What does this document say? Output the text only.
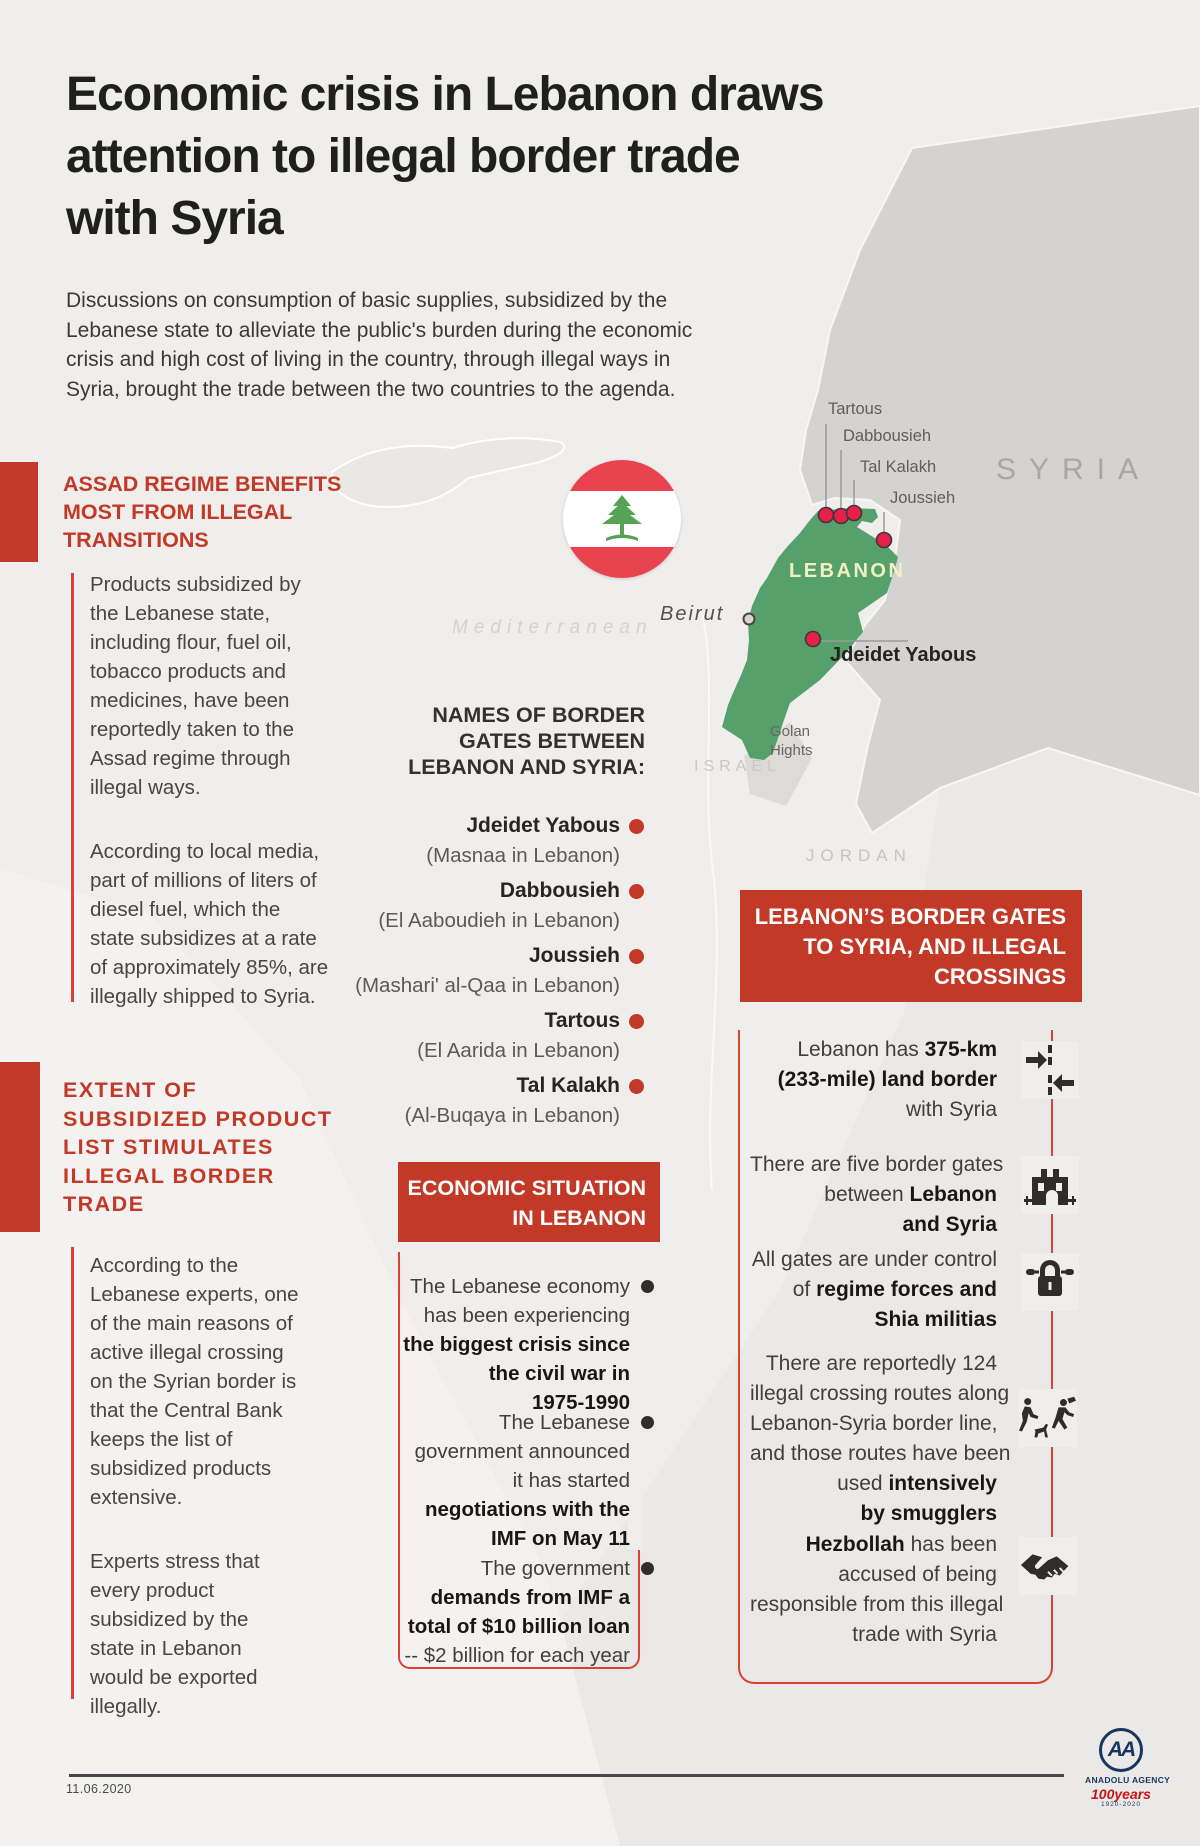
Economic crisis in Lebanon draws
attention to illegal border trade
with Syria
Discussions on consumption of basic supplies, subsidized by the
Lebanese state to alleviate the public's burden during the economic
crisis and high cost of living in the country, through illegal ways in
Syria, brought the trade between the two countries to the agenda.
ASSAD REGIME BENEFITS
MOST FROM ILLEGAL
TRANSITIONS
Products subsidized by
the Lebanese state,
including flour, fuel oil,
tobacco products and
medicines, have been
reportedly taken to the
Assad regime through
illegal ways.
According to local media,
part of millions of liters of
diesel fuel, which the
state subsidizes at a rate
of approximately 85%, are
illegally shipped to Syria.
EXTENT OF
SUBSIDIZED PRODUCT
LIST STIMULATES
ILLEGAL BORDER
TRADE
According to the
Lebanese experts, one
of the main reasons of
active illegal crossing
on the Syrian border is
that the Central Bank
keeps the list of
subsidized products
extensive.
Experts stress that
every product
subsidized by the
state in Lebanon
would be exported
illegally.
SYRIA
LEBANON
Beirut
Mediterranean
ISRAEL
JORDAN
Golan
Hights
Tartous
Dabbousieh
Tal Kalakh
Joussieh
Jdeidet Yabous
NAMES OF BORDER
GATES BETWEEN
LEBANON AND SYRIA:
Jdeidet Yabous
(Masnaa in Lebanon)
Dabbousieh
(El Aaboudieh in Lebanon)
Joussieh
(Mashari' al-Qaa in Lebanon)
Tartous
(El Aarida in Lebanon)
Tal Kalakh
(Al-Buqaya in Lebanon)
ECONOMIC SITUATION
IN LEBANON
The Lebanese economy
has been experiencing
the biggest crisis since
the civil war in
1975-1990
The Lebanese
government announced
it has started
negotiations with the
IMF on May 11
The government
demands from IMF a
total of $10 billion loan
-- $2 billion for each year
LEBANON’S BORDER GATES
TO SYRIA, AND ILLEGAL
CROSSINGS
Lebanon has 375-km
(233-mile) land border
with Syria
There are five border gates
between Lebanon
and Syria
All gates are under control
of regime forces and
Shia militias
There are reportedly 124
illegal crossing routes along
Lebanon-Syria border line,
and those routes have been
used intensively
by smugglers
Hezbollah has been
accused of being
responsible from this illegal
trade with Syria
11.06.2020
AA
ANADOLU AGENCY
100years
1920-2020
